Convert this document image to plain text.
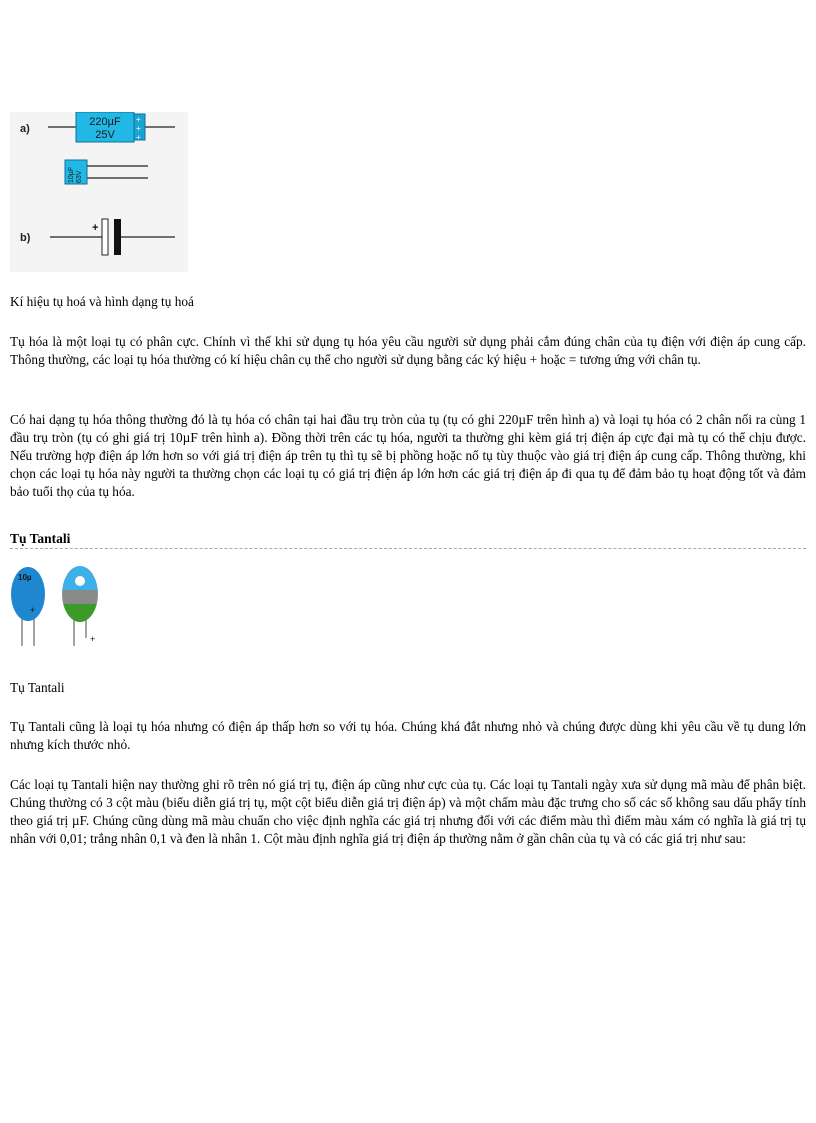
a)
220µF
25V
+
+
+
10µF 63V
b)
+

Kí hiệu tụ hoá và hình dạng tụ hoá

Tụ hóa là một loại tụ có phân cực. Chính vì thế khi sử dụng tụ hóa yêu cầu người sử dụng phải cắm đúng chân của tụ điện với điện áp cung cấp. Thông thường, các loại tụ hóa thường có kí hiệu chân cụ thể cho người sử dụng bằng các ký hiệu + hoặc = tương ứng với chân tụ.

Có hai dạng tụ hóa thông thường đó là tụ hóa có chân tại hai đầu trụ tròn của tụ (tụ có ghi 220µF trên hình a) và loại tụ hóa có 2 chân nối ra cùng 1 đầu trụ tròn (tụ có ghi giá trị 10µF trên hình a). Đồng thời trên các tụ hóa, người ta thường ghi kèm giá trị điện áp cực đại mà tụ có thể chịu được. Nếu trường hợp điện áp lớn hơn so với giá trị điện áp trên tụ thì tụ sẽ bị phồng hoặc nổ tụ tùy thuộc vào giá trị điện áp cung cấp. Thông thường, khi chọn các loại tụ hóa này người ta thường chọn các loại tụ có giá trị điện áp lớn hơn các giá trị điện áp đi qua tụ để đảm bảo tụ hoạt động tốt và đảm bảo tuổi thọ của tụ hóa.

Tụ Tantali
10µ
+
+

Tụ Tantali

Tụ Tantali cũng là loại tụ hóa nhưng có điện áp thấp hơn so với tụ hóa. Chúng khá đắt nhưng nhỏ và chúng được dùng khi yêu cầu về tụ dung lớn nhưng kích thước nhỏ.

Các loại tụ Tantali hiện nay thường ghi rõ trên nó giá trị tụ, điện áp cũng như cực của tụ. Các loại tụ Tantali ngày xưa sử dụng mã màu để phân biệt. Chúng thường có 3 cột màu (biểu diễn giá trị tụ, một cột biểu diễn giá trị điện áp) và một chấm màu đặc trưng cho số các số không sau dấu phẩy tính theo giá trị µF. Chúng cũng dùng mã màu chuẩn cho việc định nghĩa các giá trị nhưng đối với các điểm màu thì điểm màu xám có nghĩa là giá trị tụ nhân với 0,01; trắng nhân 0,1 và đen là nhân 1. Cột màu định nghĩa giá trị điện áp thường nằm ở gần chân của tụ và có các giá trị như sau:
